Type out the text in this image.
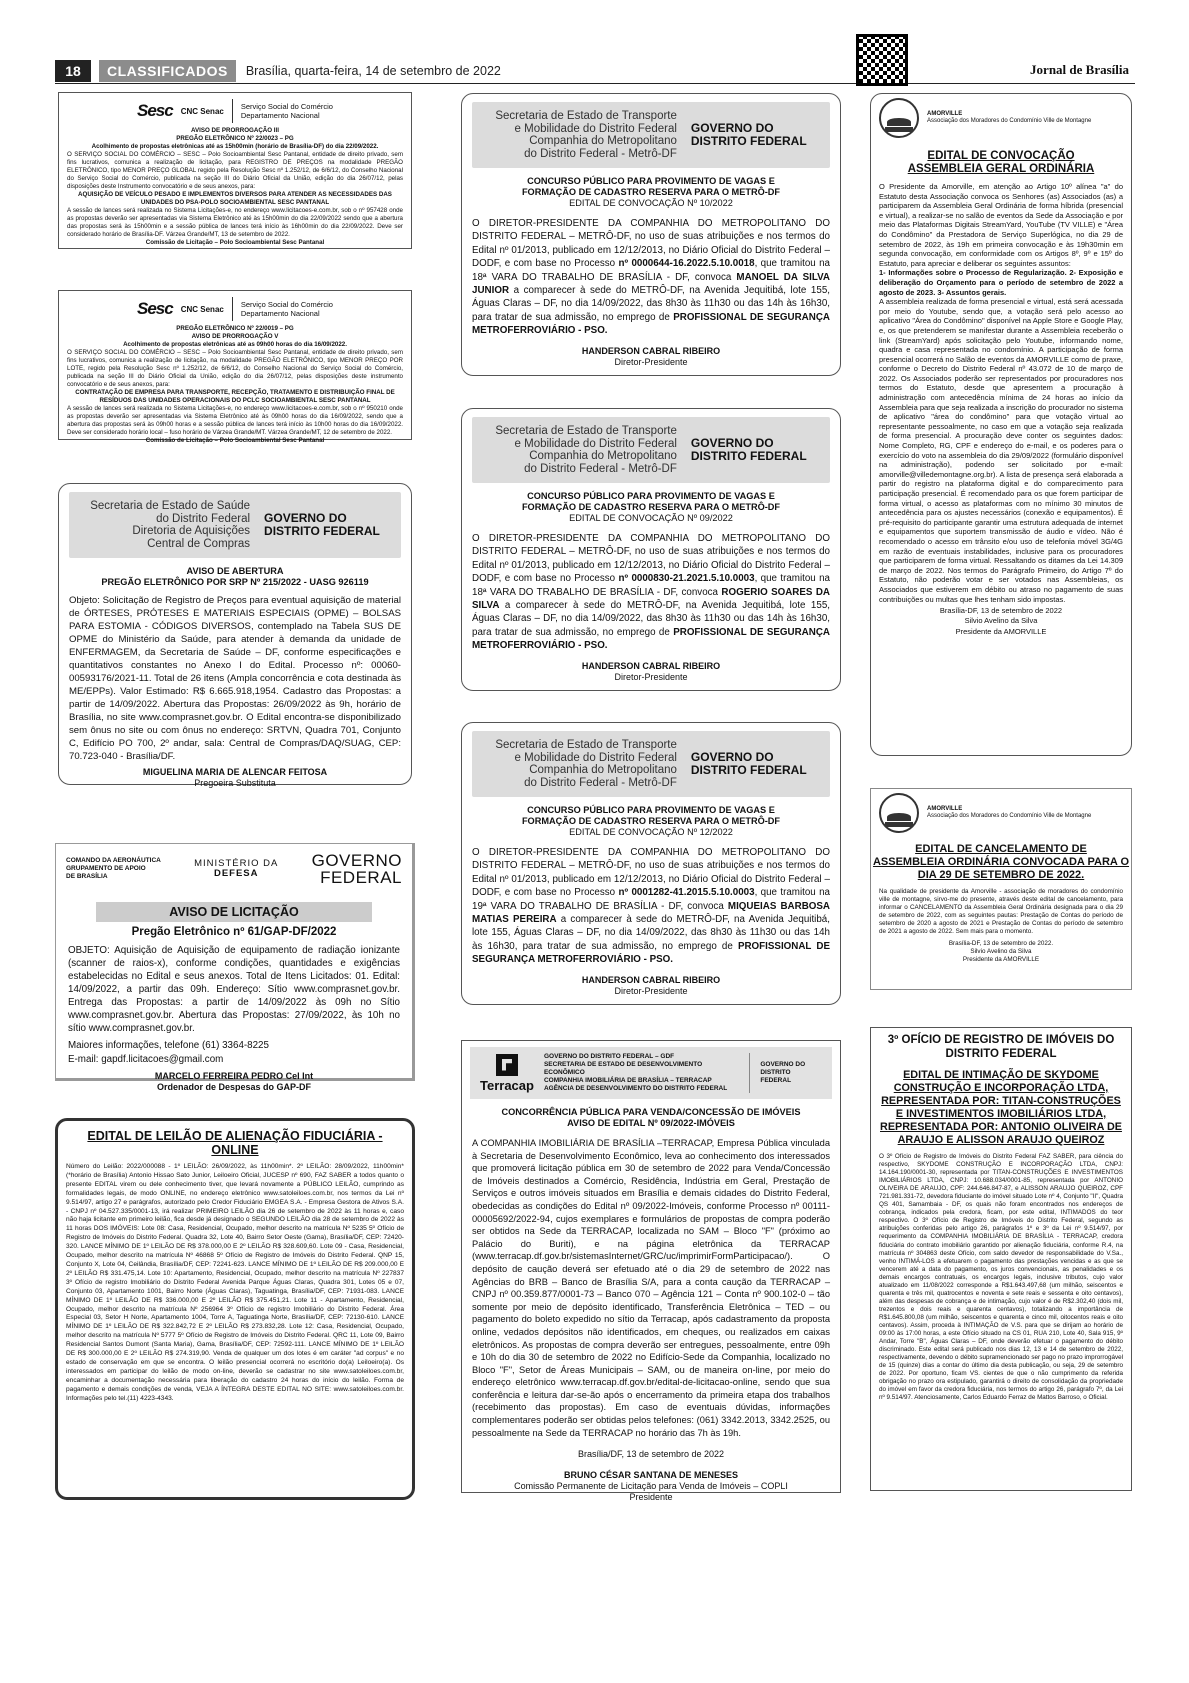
18	CLASSIFICADOS	Brasília, quarta-feira, 14 de setembro de 2022	Jornal de Brasília
Sesc CNC Senac Serviço Social do Comércio
Departamento Nacional
AVISO DE PRORROGAÇÃO III
PREGÃO ELETRÔNICO Nº 22/0023 – PG
Acolhimento de propostas eletrônicas até as 15h00min (horário de Brasília-DF) do dia 22/09/2022.
O SERVIÇO SOCIAL DO COMÉRCIO – SESC – Polo Socioambiental Sesc Pantanal, entidade de direito privado, sem fins lucrativos, comunica a realização de licitação, para REGISTRO DE PREÇOS na modalidade PREGÃO ELETRÔNICO, tipo MENOR PREÇO GLOBAL regido pela Resolução Sesc nº 1.252/12, de 6/6/12, do Conselho Nacional do Serviço Social do Comércio, publicada na seção III do Diário Oficial da União, edição do dia 26/07/12, pelas disposições deste Instrumento convocatório e de seus anexos, para:
AQUISIÇÃO DE VEÍCULO PESADO E IMPLEMENTOS DIVERSOS PARA ATENDER AS NECESSIDADES DAS UNIDADES DO PSA-POLO SOCIOAMBIENTAL SESC PANTANAL
A sessão de lances será realizada no Sistema Licitações-e, no endereço www.licitacoes-e.com.br, sob o nº 957428 onde as propostas deverão ser apresentadas via Sistema Eletrônico até às 15h00min do dia 22/09/2022 sendo que a abertura das propostas será às 15h00min e a sessão pública de lances terá início às 16h00min do dia 22/09/2022. Deve ser considerado horário de Brasília-DF. Várzea Grande/MT, 13 de setembro de 2022.
Comissão de Licitação – Polo Socioambiental Sesc Pantanal
Sesc CNC Senac Serviço Social do Comércio
Departamento Nacional
PREGÃO ELETRÔNICO Nº 22/0019 – PG
AVISO DE PRORROGAÇÃO V
Acolhimento de propostas eletrônicas até as 09h00 horas do dia 16/09/2022.
O SERVIÇO SOCIAL DO COMÉRCIO – SESC – Polo Socioambiental Sesc Pantanal, entidade de direito privado, sem fins lucrativos, comunica a realização de licitação, na modalidade PREGÃO ELETRÔNICO, tipo MENOR PREÇO POR LOTE, regido pela Resolução Sesc nº 1.252/12, de 6/6/12, do Conselho Nacional do Serviço Social do Comércio, publicada na seção III do Diário Oficial da União, edição do dia 26/07/12, pelas disposições deste instrumento convocatório e de seus anexos, para:
CONTRATAÇÃO DE EMPRESA PARA TRANSPORTE, RECEPÇÃO, TRATAMENTO E DISTRIBUIÇÃO FINAL DE RESÍDUOS DAS UNIDADES OPERACIONAIS DO PCLC SOCIOAMBIENTAL SESC PANTANAL
A sessão de lances será realizada no Sistema Licitações-e, no endereço www.licitacoes-e.com.br, sob o nº 950210 onde as propostas deverão ser apresentadas via Sistema Eletrônico até às 09h00 horas do dia 16/09/2022, sendo que a abertura das propostas será às 09h00 horas e a sessão pública de lances terá início às 10h00 horas do dia 16/09/2022. Deve ser considerado horário local – fuso horário de Várzea Grande/MT. Várzea Grande/MT, 12 de setembro de 2022.
Comissão de Licitação – Polo Socioambiental Sesc Pantanal
Secretaria de Estado de Saúde
do Distrito Federal
Diretoria de Aquisições
Central de Compras
GOVERNO DO
DISTRITO FEDERAL
AVISO DE ABERTURA
PREGÃO ELETRÔNICO POR SRP Nº 215/2022 - UASG 926119
Objeto: Solicitação de Registro de Preços para eventual aquisição de material de ÓRTESES, PRÓTESES E MATERIAIS ESPECIAIS (OPME) – BOLSAS PARA ESTOMIA - CÓDIGOS DIVERSOS, contemplado na Tabela SUS DE OPME do Ministério da Saúde, para atender à demanda da unidade de ENFERMAGEM, da Secretaria de Saúde – DF, conforme especificações e quantitativos constantes no Anexo I do Edital. Processo nº: 00060-00593176/2021-11. Total de 26 itens (Ampla concorrência e cota destinada às ME/EPPs). Valor Estimado: R$ 6.665.918,1954. Cadastro das Propostas: a partir de 14/09/2022. Abertura das Propostas: 26/09/2022 às 9h, horário de Brasília, no site www.comprasnet.gov.br. O Edital encontra-se disponibilizado sem ônus no site ou com ônus no endereço: SRTVN, Quadra 701, Conjunto C, Edifício PO 700, 2º andar, sala: Central de Compras/DAQ/SUAG, CEP: 70.723-040 - Brasília/DF.
MIGUELINA MARIA DE ALENCAR FEITOSA
Pregoeira Substituta
COMANDO DA AERONÁUTICA
GRUPAMENTO DE APOIO
DE BRASÍLIA
MINISTÉRIO DA
DEFESA
GOVERNO
FEDERAL
AVISO DE LICITAÇÃO
Pregão Eletrônico nº 61/GAP-DF/2022
OBJETO: Aquisição de Aquisição de equipamento de radiação ionizante (scanner de raios-x), conforme condições, quantidades e exigências estabelecidas no Edital e seus anexos. Total de Itens Licitados: 01. Edital: 14/09/2022, a partir das 09h. Endereço: Sítio www.comprasnet.gov.br. Entrega das Propostas: a partir de 14/09/2022 às 09h no Sítio www.comprasnet.gov.br. Abertura das Propostas: 27/09/2022, às 10h no sítio www.comprasnet.gov.br.
Maiores informações, telefone (61) 3364-8225
E-mail: gapdf.licitacoes@gmail.com
MARCELO FERREIRA PEDRO Cel Int
Ordenador de Despesas do GAP-DF
EDITAL DE LEILÃO DE ALIENAÇÃO FIDUCIÁRIA - ONLINE
Número do Leilão: 2022/000088 - 1º LEILÃO: 26/09/2022, às 11h00min*. 2º LEILÃO: 28/09/2022, 11h00min* (*horário de Brasília) Antonio Hissao Sato Junior, Leiloeiro Oficial, JUCESP nº 690, FAZ SABER a todos quanto o presente EDITAL virem ou dele conhecimento tiver, que levará novamente a PÚBLICO LEILÃO, cumprindo as formalidades legais, de modo ONLINE, no endereço eletrônico www.satoleiloes.com.br, nos termos da Lei nº 9.514/97, artigo 27 e parágrafos, autorizado pelo Credor Fiduciário EMGEA S.A. - Empresa Gestora de Ativos S.A. - CNPJ nº 04.527.335/0001-13, irá realizar PRIMEIRO LEILÃO dia 26 de setembro de 2022 às 11 horas e, caso não haja licitante em primeiro leilão, fica desde já designado o SEGUNDO LEILÃO dia 28 de setembro de 2022 às 11 horas DOS IMÓVEIS: Lote 08: Casa, Residencial, Ocupado, melhor descrito na matrícula Nº 5235 5º Ofício de Registro de Imóveis do Distrito Federal. Quadra 32, Lote 40, Bairro Setor Oeste (Gama), Brasília/DF, CEP: 72420-320. LANCE MÍNIMO DE 1º LEILÃO DE R$ 378.000,00 E 2º LEILÃO R$ 328.609,60. Lote 09 - Casa, Residencial, Ocupado, melhor descrito na matrícula Nº 46868 5º Ofício de Registro de Imóveis do Distrito Federal. QNP 15, Conjunto X, Lote 04, Ceilândia, Brasília/DF, CEP: 72241-623. LANCE MÍNIMO DE 1º LEILÃO DE R$ 209.000,00 E 2º LEILÃO R$ 331.475,14. Lote 10: Apartamento, Residencial, Ocupado, melhor descrito na matrícula Nº 227837 3º Ofício de registro Imobiliário do Distrito Federal Avenida Parque Águas Claras, Quadra 301, Lotes 05 e 07, Conjunto 03, Apartamento 1001, Bairro Norte (Águas Claras), Taguatinga, Brasília/DF, CEP: 71931-083. LANCE MÍNIMO DE 1º LEILÃO DE R$ 336.000,00 E 2º LEILÃO R$ 375.451,21. Lote 11 - Apartamento, Residencial, Ocupado, melhor descrito na matrícula Nº 256964 3º Ofício de registro Imobiliário do Distrito Federal. Área Especial 03, Setor H Norte, Apartamento 1004, Torre A, Taguatinga Norte, Brasília/DF, CEP: 72130-610. LANCE MÍNIMO DE 1º LEILÃO DE R$ 322.842,72 E 2º LEILÃO R$ 273.832,28. Lote 12: Casa, Residencial, Ocupado, melhor descrito na matrícula Nº 5777 5º Ofício de Registro de Imóveis do Distrito Federal. QRC 11, Lote 09, Bairro Residencial Santos Dumont (Santa Maria), Gama, Brasília/DF, CEP: 72592-111. LANCE MÍNIMO DE 1º LEILÃO DE R$ 300.000,00 E 2º LEILÃO R$ 274.319,90. Venda de qualquer um dos lotes é em caráter "ad corpus" e no estado de conservação em que se encontra. O leilão presencial ocorrerá no escritório do(a) Leiloeiro(a). Os interessados em participar do leilão de modo on-line, deverão se cadastrar no site www.satoleiloes.com.br, encaminhar a documentação necessária para liberação do cadastro 24 horas do início do leilão. Forma de pagamento e demais condições de venda, VEJA A ÍNTEGRA DESTE EDITAL NO SITE: www.satoleiloes.com.br. Informações pelo tel.(11) 4223-4343.
Secretaria de Estado de Transporte
e Mobilidade do Distrito Federal
Companhia do Metropolitano
do Distrito Federal - Metrô-DF
GOVERNO DO
DISTRITO FEDERAL
CONCURSO PÚBLICO PARA PROVIMENTO DE VAGAS E
FORMAÇÃO DE CADASTRO RESERVA PARA O METRÔ-DF
EDITAL DE CONVOCAÇÃO Nº 10/2022
O DIRETOR-PRESIDENTE DA COMPANHIA DO METROPOLITANO DO DISTRITO FEDERAL – METRÔ-DF, no uso de suas atribuições e nos termos do Edital nº 01/2013, publicado em 12/12/2013, no Diário Oficial do Distrito Federal – DODF, e com base no Processo nº 0000644-16.2022.5.10.0018, que tramitou na 18ª VARA DO TRABALHO DE BRASÍLIA - DF, convoca MANOEL DA SILVA JUNIOR a comparecer à sede do METRÔ-DF, na Avenida Jequitibá, lote 155, Águas Claras – DF, no dia 14/09/2022, das 8h30 às 11h30 ou das 14h às 16h30, para tratar de sua admissão, no emprego de PROFISSIONAL DE SEGURANÇA METROFERROVIÁRIO - PSO.
HANDERSON CABRAL RIBEIRO
Diretor-Presidente
Secretaria de Estado de Transporte
e Mobilidade do Distrito Federal
Companhia do Metropolitano
do Distrito Federal - Metrô-DF
GOVERNO DO
DISTRITO FEDERAL
CONCURSO PÚBLICO PARA PROVIMENTO DE VAGAS E
FORMAÇÃO DE CADASTRO RESERVA PARA O METRÔ-DF
EDITAL DE CONVOCAÇÃO Nº 09/2022
O DIRETOR-PRESIDENTE DA COMPANHIA DO METROPOLITANO DO DISTRITO FEDERAL – METRÔ-DF, no uso de suas atribuições e nos termos do Edital nº 01/2013, publicado em 12/12/2013, no Diário Oficial do Distrito Federal – DODF, e com base no Processo nº 0000830-21.2021.5.10.0003, que tramitou na 18ª VARA DO TRABALHO DE BRASÍLIA - DF, convoca ROGERIO SOARES DA SILVA a comparecer à sede do METRÔ-DF, na Avenida Jequitibá, lote 155, Águas Claras – DF, no dia 14/09/2022, das 8h30 às 11h30 ou das 14h às 16h30, para tratar de sua admissão, no emprego de PROFISSIONAL DE SEGURANÇA METROFERROVIÁRIO - PSO.
HANDERSON CABRAL RIBEIRO
Diretor-Presidente
Secretaria de Estado de Transporte
e Mobilidade do Distrito Federal
Companhia do Metropolitano
do Distrito Federal - Metrô-DF
GOVERNO DO
DISTRITO FEDERAL
CONCURSO PÚBLICO PARA PROVIMENTO DE VAGAS E
FORMAÇÃO DE CADASTRO RESERVA PARA O METRÔ-DF
EDITAL DE CONVOCAÇÃO Nº 12/2022
O DIRETOR-PRESIDENTE DA COMPANHIA DO METROPOLITANO DO DISTRITO FEDERAL – METRÔ-DF, no uso de suas atribuições e nos termos do Edital nº 01/2013, publicado em 12/12/2013, no Diário Oficial do Distrito Federal – DODF, e com base no Processo nº 0001282-41.2015.5.10.0003, que tramitou na 19ª VARA DO TRABALHO DE BRASÍLIA - DF, convoca MIQUEIAS BARBOSA MATIAS PEREIRA a comparecer à sede do METRÔ-DF, na Avenida Jequitibá, lote 155, Águas Claras – DF, no dia 14/09/2022, das 8h30 às 11h30 ou das 14h às 16h30, para tratar de sua admissão, no emprego de PROFISSIONAL DE SEGURANÇA METROFERROVIÁRIO - PSO.
HANDERSON CABRAL RIBEIRO
Diretor-Presidente
Terracap
GOVERNO DO DISTRITO FEDERAL – GDF
SECRETARIA DE ESTADO DE DESENVOLVIMENTO ECONÔMICO
COMPANHIA IMOBILIÁRIA DE BRASÍLIA – TERRACAP
AGÊNCIA DE DESENVOLVIMENTO DO DISTRITO FEDERAL
GOVERNO DO
DISTRITO FEDERAL
CONCORRÊNCIA PÚBLICA PARA VENDA/CONCESSÃO DE IMÓVEIS
AVISO DE EDITAL Nº 09/2022-IMÓVEIS
A COMPANHIA IMOBILIÁRIA DE BRASÍLIA –TERRACAP, Empresa Pública vinculada à Secretaria de Desenvolvimento Econômico, leva ao conhecimento dos interessados que promoverá licitação pública em 30 de setembro de 2022 para Venda/Concessão de Imóveis destinados a Comércio, Residência, Indústria em Geral, Prestação de Serviços e outros imóveis situados em Brasília e demais cidades do Distrito Federal, obedecidas as condições do Edital nº 09/2022-Imóveis, conforme Processo nº 00111-00005692/2022-94, cujos exemplares e formulários de propostas de compra poderão ser obtidos na Sede da TERRACAP, localizada no SAM – Bloco "F" (próximo ao Palácio do Buriti), e na página eletrônica da TERRACAP (www.terracap.df.gov.br/sistemasInternet/GRC/uc/imprimirFormParticipacao/). O depósito de caução deverá ser efetuado até o dia 29 de setembro de 2022 nas Agências do BRB – Banco de Brasília S/A, para a conta caução da TERRACAP – CNPJ nº 00.359.877/0001-73 – Banco 070 – Agência 121 – Conta nº 900.102-0 – tão somente por meio de depósito identificado, Transferência Eletrônica – TED – ou pagamento do boleto expedido no sítio da Terracap, após cadastramento da proposta online, vedados depósitos não identificados, em cheques, ou realizados em caixas eletrônicos. As propostas de compra deverão ser entregues, pessoalmente, entre 09h e 10h do dia 30 de setembro de 2022 no Edifício-Sede da Companhia, localizado no Bloco "F", Setor de Áreas Municipais – SAM, ou de maneira on-line, por meio do endereço eletrônico www.terracap.df.gov.br/edital-de-licitacao-online, sendo que sua conferência e leitura dar-se-ão após o encerramento da primeira etapa dos trabalhos (recebimento das propostas). Em caso de eventuais dúvidas, informações complementares poderão ser obtidas pelos telefones: (061) 3342.2013, 3342.2525, ou pessoalmente na Sede da TERRACAP no horário das 7h às 19h.
Brasília/DF, 13 de setembro de 2022
BRUNO CÉSAR SANTANA DE MENESES
Comissão Permanente de Licitação para Venda de Imóveis – COPLI
Presidente
AMORVILLE
Associação dos Moradores do Condomínio Ville de Montagne
EDITAL DE CONVOCAÇÃO
ASSEMBLEIA GERAL ORDINÁRIA
O Presidente da Amorville, em atenção ao Artigo 10º alínea "a" do Estatuto desta Associação convoca os Senhores (as) Associados (as) a participarem da Assembleia Geral Ordinária de forma híbrida (presencial e virtual), a realizar-se no salão de eventos da Sede da Associação e por meio das Plataformas Digitais StreamYard, YouTube (TV VILLE) e "Área do Condômino" da Prestadora de Serviço Superlógica, no dia 29 de setembro de 2022, às 19h em primeira convocação e às 19h30min em segunda convocação, em conformidade com os Artigos 8º, 9º e 15º do Estatuto, para apreciar e deliberar os seguintes assuntos:
1- Informações sobre o Processo de Regularização. 2- Exposição e deliberação do Orçamento para o período de setembro de 2022 a agosto de 2023. 3- Assuntos gerais.
A assembleia realizada de forma presencial e virtual, está será acessada por meio do Youtube, sendo que, a votação será pelo acesso ao aplicativo "Área do Condômino" disponível na Apple Store e Google Play, e, os que pretenderem se manifestar durante a Assembleia receberão o link (StreamYard) após solicitação pelo Youtube, informando nome, quadra e casa representada no condomínio. A participação de forma presencial ocorrerá no Salão de eventos da AMORVILLE como de praxe, conforme o Decreto do Distrito Federal nº 43.072 de 10 de março de 2022. Os Associados poderão ser representados por procuradores nos termos do Estatuto, desde que apresentem a procuração à administração com antecedência mínima de 24 horas ao início da Assembleia para que seja realizada a inscrição do procurador no sistema de aplicativo "área do condômino" para que votação virtual ao representante pessoalmente, no caso em que a votação seja realizada de forma presencial. A procuração deve conter os seguintes dados: Nome Completo, RG, CPF e endereço do e-mail, e os poderes para o exercício do voto na assembleia do dia 29/09/2022 (formulário disponível na administração), podendo ser solicitado por e-mail: amorville@villedemontagne.org.br). A lista de presença será elaborada a partir do registro na plataforma digital e do comparecimento para participação presencial. É recomendado para os que forem participar de forma virtual, o acesso as plataformas com no mínimo 30 minutos de antecedência para os ajustes necessários (conexão e equipamentos). É pré-requisito do participante garantir uma estrutura adequada de internet e equipamentos que suportem transmissão de áudio e vídeo. Não é recomendado o acesso em trânsito e/ou uso de telefonia móvel 3G/4G em razão de eventuais instabilidades, inclusive para os procuradores que participarem de forma virtual. Ressaltando os ditames da Lei 14.309 de março de 2022. Nos termos do Parágrafo Primeiro, do Artigo 7º do Estatuto, não poderão votar e ser votados nas Assembleias, os Associados que estiverem em débito ou atraso no pagamento de suas contribuições ou multas que lhes tenham sido impostas.
Brasília-DF, 13 de setembro de 2022
Silvio Avelino da Silva
Presidente da AMORVILLE
AMORVILLE
Associação dos Moradores do Condomínio Ville de Montagne
EDITAL DE CANCELAMENTO DE
ASSEMBLEIA ORDINÁRIA CONVOCADA PARA O
DIA 29 DE SETEMBRO DE 2022.
Na qualidade de presidente da Amorville - associação de moradores do condomínio ville de montagne, sirvo-me do presente, através deste edital de cancelamento, para informar o CANCELAMENTO da Assembleia Geral Ordinária designada para o dia 29 de setembro de 2022, com as seguintes pautas: Prestação de Contas do período de setembro de 2020 a agosto de 2021 e Prestação de Contas do período de setembro de 2021 a agosto de 2022. Sem mais para o momento.
Brasília-DF, 13 de setembro de 2022.
Silvio Avelino da Silva
Presidente da AMORVILLE
3º OFÍCIO DE REGISTRO DE IMÓVEIS DO
DISTRITO FEDERAL
EDITAL DE INTIMAÇÃO DE SKYDOME CONSTRUÇÃO E INCORPORAÇÃO LTDA, REPRESENTADA POR: TITAN-CONSTRUÇÕES E INVESTIMENTOS IMOBILIÁRIOS LTDA, REPRESENTADA POR: ANTONIO OLIVEIRA DE ARAUJO E ALISSON ARAUJO QUEIROZ
O 3º Ofício de Registro de Imóveis do Distrito Federal FAZ SABER, para ciência do respectivo, SKYDOME CONSTRUÇÃO E INCORPORAÇÃO LTDA, CNPJ: 14.164.190/0001-30, representada por TITAN-CONSTRUÇÕES E INVESTIMENTOS IMOBILIÁRIOS LTDA, CNPJ: 10.688.034/0001-85, representada por ANTONIO OLIVEIRA DE ARAUJO, CPF: 244.646.847-87, e ALISSON ARAUJO QUEIROZ, CPF 721.981.331-72, devedora fiduciante do imóvel situado Lote nº 4, Conjunto "II", Quadra QS 401, Samambaia - DF, os quais não foram encontrados nos endereços de cobrança, indicados pela credora, ficam, por este edital, INTIMADOS do teor respectivo. O 3º Ofício de Registro de Imóveis do Distrito Federal, segundo as atribuições conferidas pelo artigo 26, parágrafos 1º e 3º da Lei nº 9.514/97, por requerimento da COMPANHIA IMOBILIÁRIA DE BRASÍLIA - TERRACAP, credora fiduciária do contrato imobiliário garantido por alienação fiduciária, conforme R.4, na matrícula nº 304863 deste Ofício, com saldo devedor de responsabilidade do V.Sa., venho INTIMÁ-LOS a efetuarem o pagamento das prestações vencidas e as que se vencerem até a data do pagamento, os juros convencionais, as penalidades e os demais encargos contratuais, os encargos legais, inclusive tributos, cujo valor atualizado em 11/08/2022 corresponde a R$1.643.497,68 (um milhão, seiscentos e quarenta e três mil, quatrocentos e noventa e sete reais e sessenta e oito centavos), além das despesas de cobrança e de intimação, cujo valor é de R$2.302,40 (dois mil, trezentos e dois reais e quarenta centavos), totalizando a importância de R$1.645.800,08 (um milhão, seiscentos e quarenta e cinco mil, oitocentos reais e oito centavos). Assim, proceda à INTIMAÇÃO de V.S. para que se dirijam ao horário de 09:00 às 17:00 horas, a este Ofício situado na CS 01, RUA 210, Lote 40, Sala 915, 9º Andar, Torre "B", Águas Claras – DF, onde deverão efetuar o pagamento do débito discriminado. Este edital será publicado nos dias 12, 13 e 14 de setembro de 2022, respectivamente, devendo o débito supramencionado ser pago no prazo improrrogável de 15 (quinze) dias a contar do último dia desta publicação, ou seja, 29 de setembro de 2022. Por oportuno, ficam VS. cientes de que o não cumprimento da referida obrigação no prazo ora estipulado, garantirá o direito de consolidação da propriedade do imóvel em favor da credora fiduciária, nos termos do artigo 26, parágrafo 7º, da Lei nº 9.514/97. Atenciosamente, Carlos Eduardo Ferraz de Mattos Barroso, o Oficial.
